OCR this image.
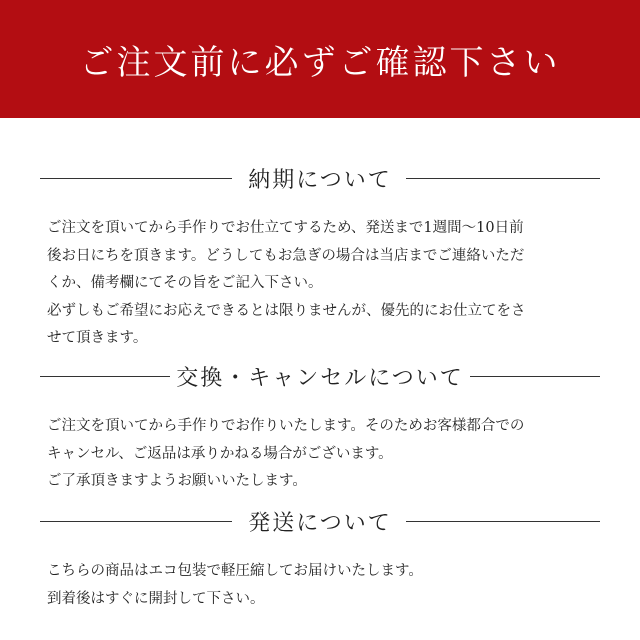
ご注文前に必ずご確認下さい
納期について

ご注文を頂いてから手作りでお仕立てするため、発送まで1週間〜10日前

後お日にちを頂きます。どうしてもお急ぎの場合は当店までご連絡いただ

くか、備考欄にてその旨をご記入下さい。

必ずしもご希望にお応えできるとは限りませんが、優先的にお仕立てをさ

せて頂きます。

交換・キャンセルについて

ご注文を頂いてから手作りでお作りいたします。そのためお客様都合での

キャンセル、ご返品は承りかねる場合がございます。

ご了承頂きますようお願いいたします。

発送について

こちらの商品はエコ包装で軽圧縮してお届けいたします。

到着後はすぐに開封して下さい。
